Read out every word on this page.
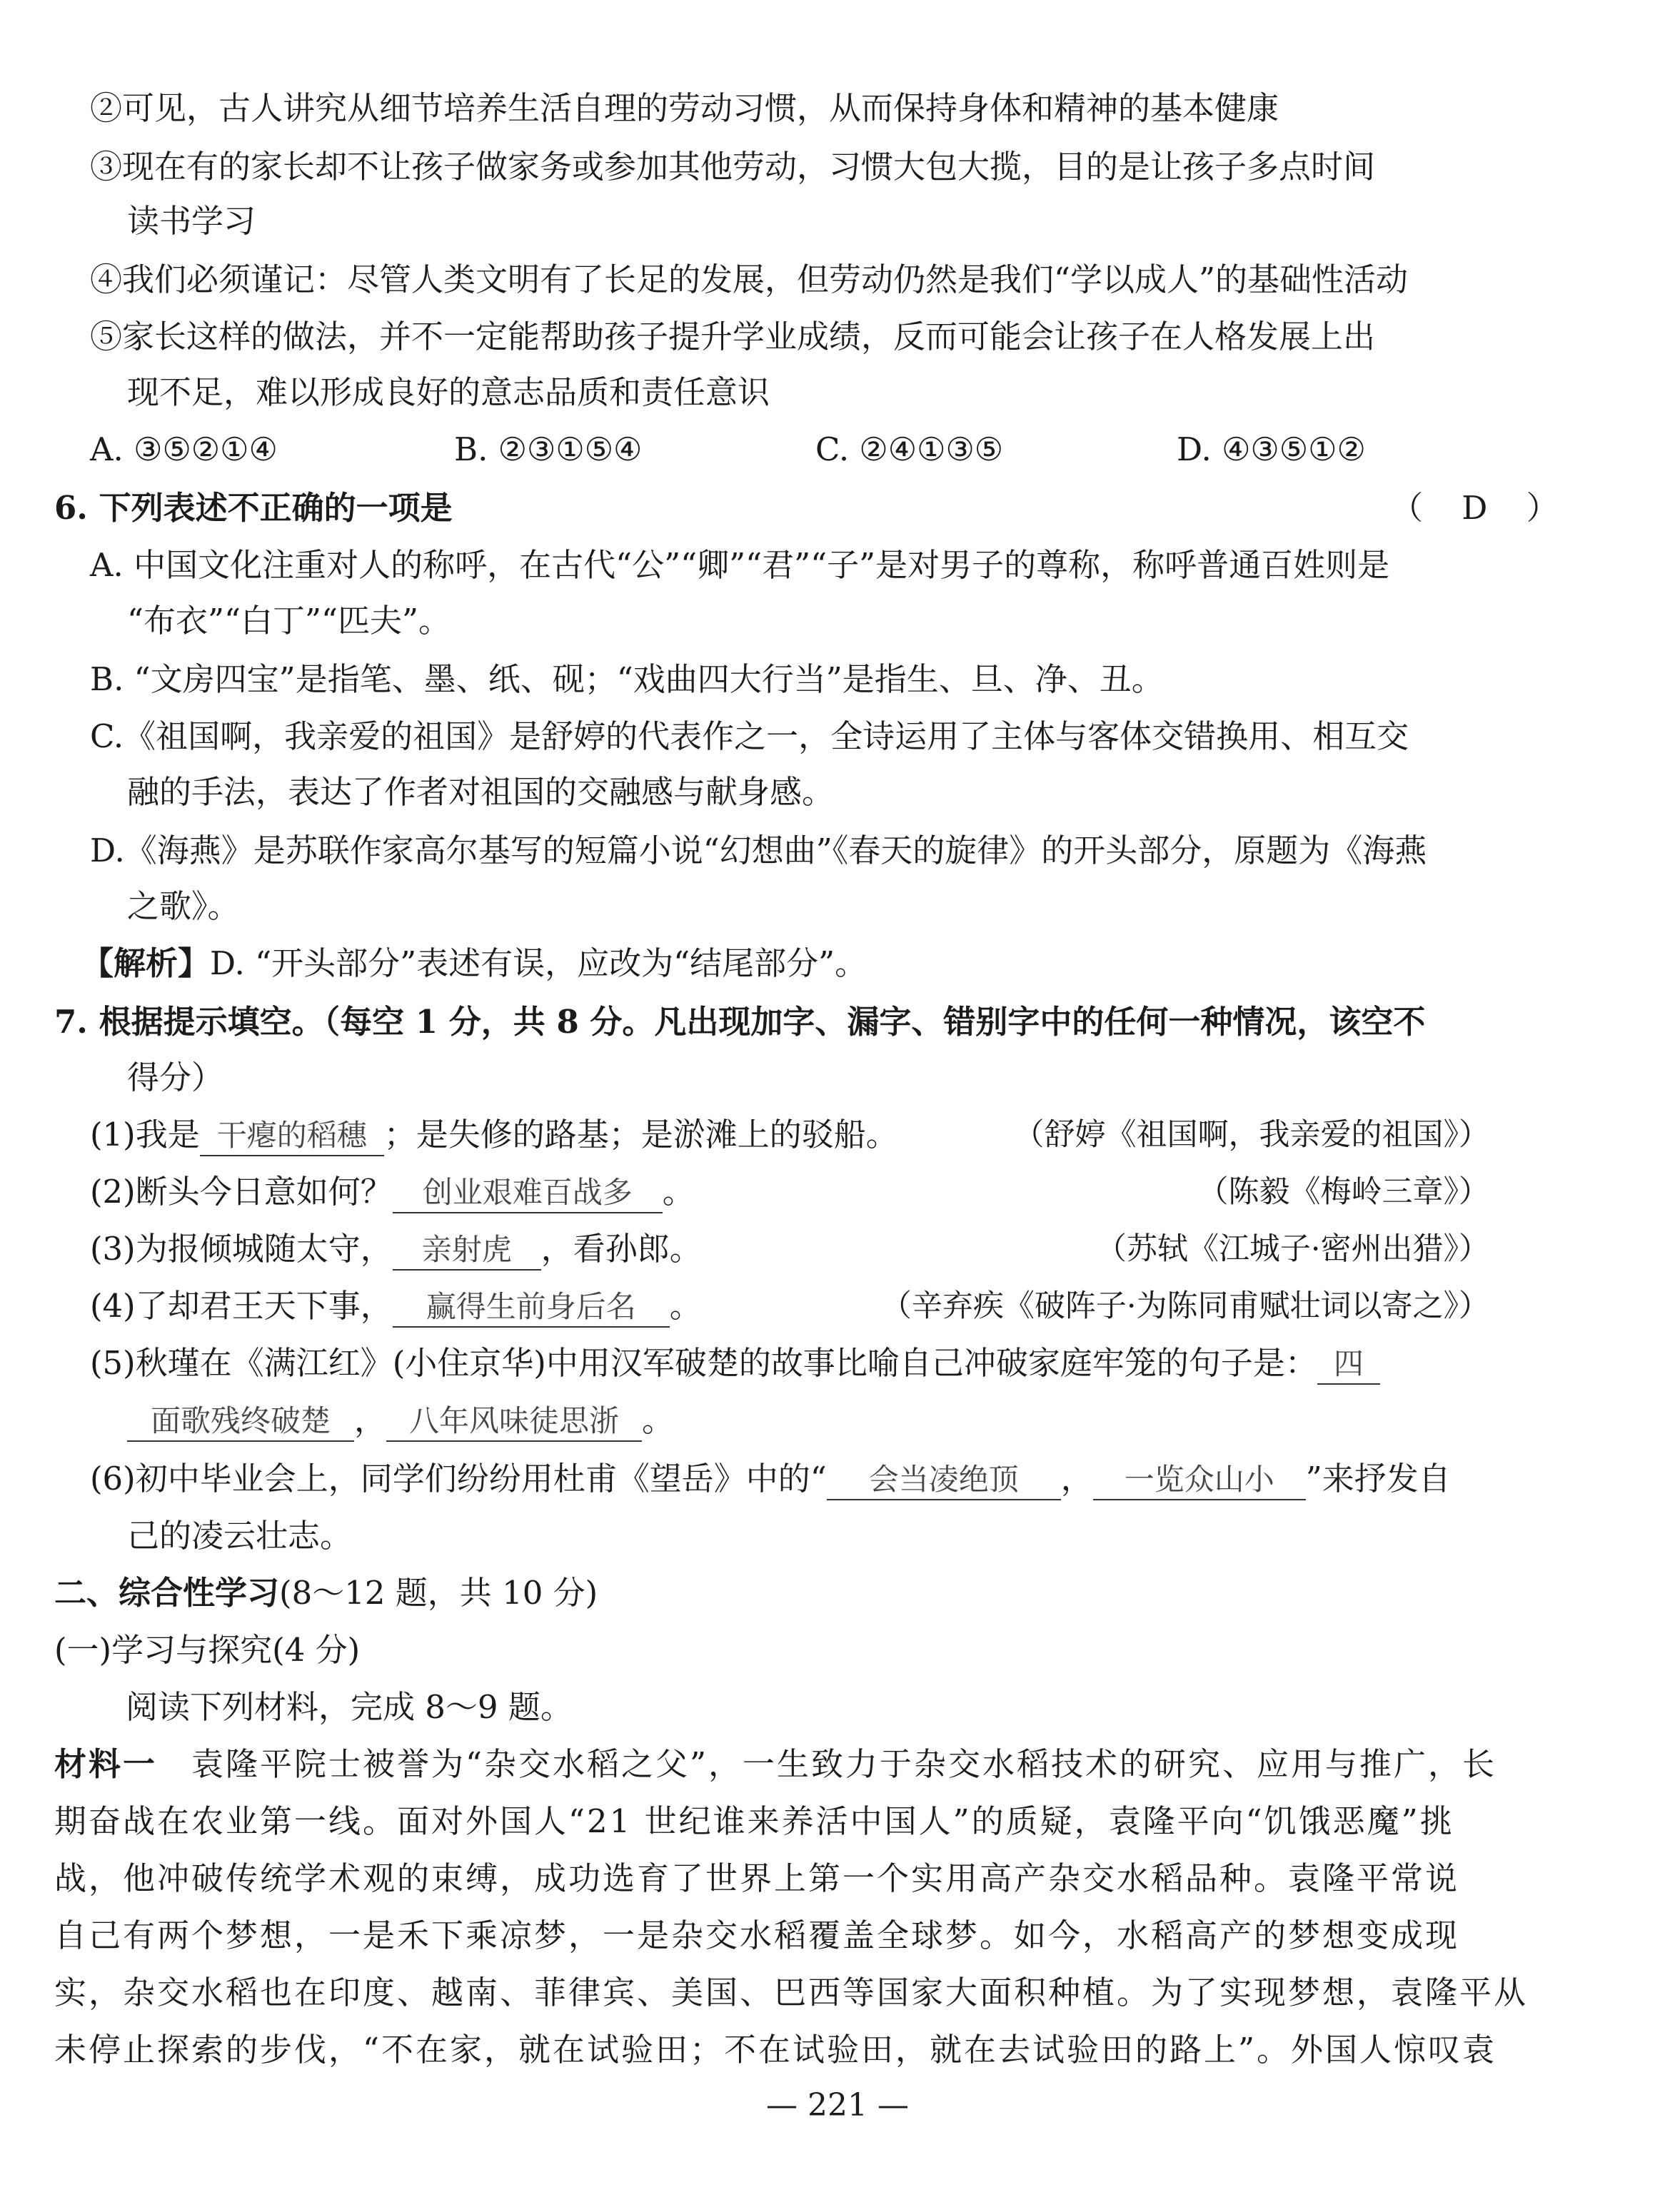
②可见，古人讲究从细节培养生活自理的劳动习惯，从而保持身体和精神的基本健康
③现在有的家长却不让孩子做家务或参加其他劳动，习惯大包大揽，目的是让孩子多点时间
读书学习
④我们必须谨记：尽管人类文明有了长足的发展，但劳动仍然是我们“学以成人”的基础性活动
⑤家长这样的做法，并不一定能帮助孩子提升学业成绩，反而可能会让孩子在人格发展上出
现不足，难以形成良好的意志品质和责任意识
A. ③⑤②①④	B. ②③①⑤④	C. ②④①③⑤	D. ④③⑤①②
6. 下列表述不正确的一项是	（ D ）
A. 中国文化注重对人的称呼，在古代“公”“卿”“君”“子”是对男子的尊称，称呼普通百姓则是
“布衣”“白丁”“匹夫”。
B. “文房四宝”是指笔、墨、纸、砚；“戏曲四大行当”是指生、旦、净、丑。
C.《祖国啊，我亲爱的祖国》是舒婷的代表作之一，全诗运用了主体与客体交错换用、相互交
融的手法，表达了作者对祖国的交融感与献身感。
D.《海燕》是苏联作家高尔基写的短篇小说“幻想曲”《春天的旋律》的开头部分，原题为《海燕
之歌》。
【解析】D. “开头部分”表述有误，应改为“结尾部分”。
7. 根据提示填空。（每空 1 分，共 8 分。凡出现加字、漏字、错别字中的任何一种情况，该空不
得分）
(1)我是 干瘪的稻穗 ；是失修的路基；是淤滩上的驳船。	（舒婷《祖国啊，我亲爱的祖国》）
(2)断头今日意如何？ 创业艰难百战多 。	（陈毅《梅岭三章》）
(3)为报倾城随太守， 亲射虎 ，看孙郎。	（苏轼《江城子·密州出猎》）
(4)了却君王天下事， 赢得生前身后名 。	（辛弃疾《破阵子·为陈同甫赋壮词以寄之》）
(5)秋瑾在《满江红》(小住京华)中用汉军破楚的故事比喻自己冲破家庭牢笼的句子是： 四
面歌残终破楚 ， 八年风味徒思浙 。
(6)初中毕业会上，同学们纷纷用杜甫《望岳》中的“ 会当凌绝顶 ， 一览众山小 ”来抒发自
己的凌云壮志。
二、综合性学习(8～12 题，共 10 分)
(一)学习与探究(4 分)
阅读下列材料，完成 8～9 题。
材料一　袁隆平院士被誉为“杂交水稻之父”，一生致力于杂交水稻技术的研究、应用与推广，长
期奋战在农业第一线。面对外国人“21 世纪谁来养活中国人”的质疑，袁隆平向“饥饿恶魔”挑
战，他冲破传统学术观的束缚，成功选育了世界上第一个实用高产杂交水稻品种。袁隆平常说
自己有两个梦想，一是禾下乘凉梦，一是杂交水稻覆盖全球梦。如今，水稻高产的梦想变成现
实，杂交水稻也在印度、越南、菲律宾、美国、巴西等国家大面积种植。为了实现梦想，袁隆平从
未停止探索的步伐，“不在家，就在试验田；不在试验田，就在去试验田的路上”。外国人惊叹袁
— 221 —
